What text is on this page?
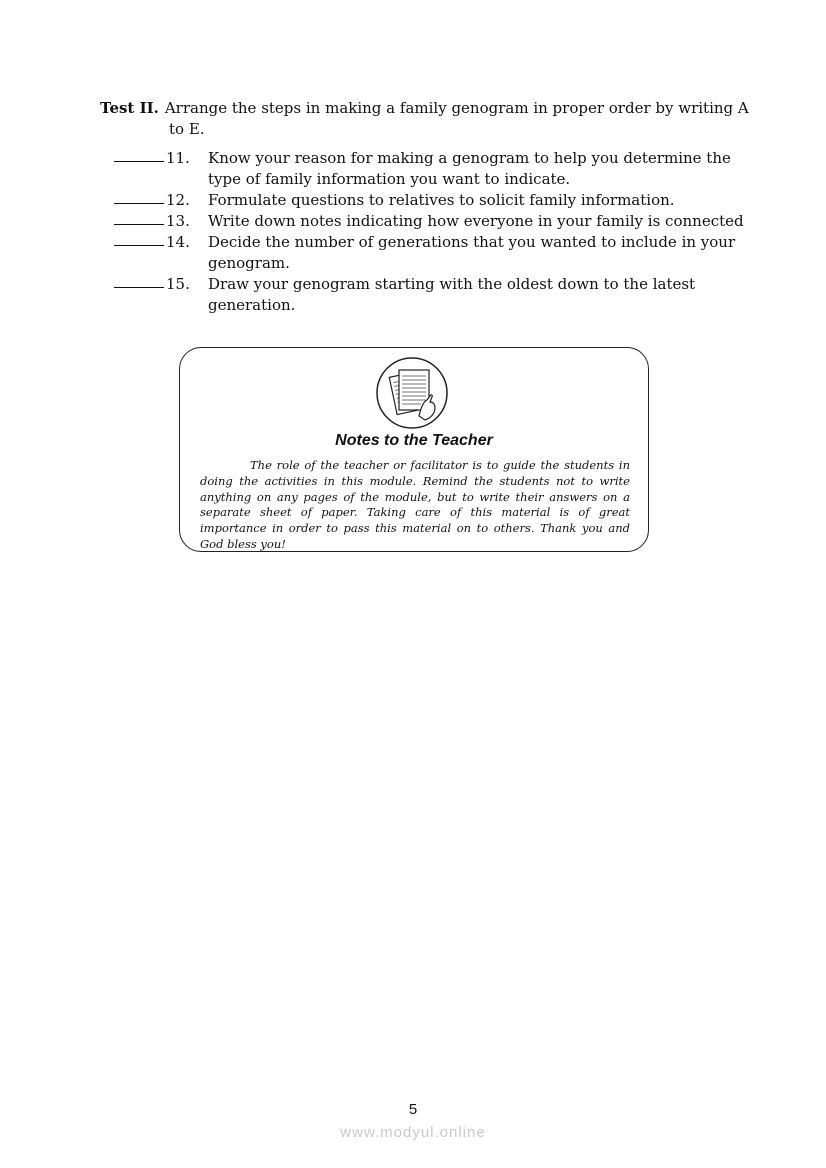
Test II. Arrange the steps in making a family genogram in proper order by writing A
to E.
11.	Know your reason for making a genogram to help you determine the type of family information you want to indicate.
12.	Formulate questions to relatives to solicit family information.
13.	Write down notes indicating how everyone in your family is connected
14.	Decide the number of generations that you wanted to include in your genogram.
15.	Draw your genogram starting with the oldest down to the latest generation.
Notes to the Teacher
The role of the teacher or facilitator is to guide the students in doing the activities in this module. Remind the students not to write anything on any pages of the module, but to write their answers on a separate sheet of paper. Taking care of this material is of great importance in order to pass this material on to others. Thank you and God bless you!
5
www.modyul.online
